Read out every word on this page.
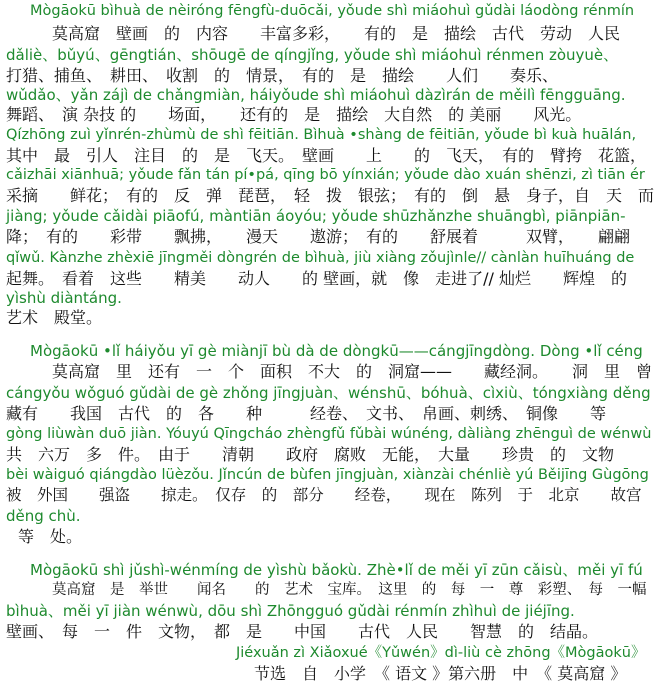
Mògāokū bìhuà de nèiróng fēngfù-duōcǎi, yǒude shì miáohuì gǔdài láodòng rénmín
莫高窟　壁画　的　内容　　丰富多彩，　　有的　是　描绘　古代　劳动　人民
dǎliè、bǔyú、gēngtián、shōugē de qíngjǐng, yǒude shì miáohuì rénmen zòuyuè、
打猎、捕鱼、　耕田、　收割　的　情景，　有的　是　描绘　　人们　　奏乐、
wǔdǎo、yǎn zájì de chǎngmiàn, háiyǒude shì miáohuì dàzìrán de měilì fēngguāng.
舞蹈、　演 杂技 的　　场面，　　还有的　是　描绘　大自然　的 美丽　　风光。
Qízhōng zuì yǐnrén-zhùmù de shì fēitiān. Bìhuà •shàng de fēitiān, yǒude bì kuà huālán,
其中　最　引人　注目　的　是　飞天。　壁画　　上　　的　飞天，　有的　臂挎　花篮，
cǎizhāi xiānhuā; yǒude fǎn tán pí•pá, qīng bō yínxián; yǒude dào xuán shēnzi, zì tiān ér
采摘　　鲜花；　有的　反　弹　琵琶，　轻　拨　银弦；　有的　倒　悬　身子，自　天　而
jiàng; yǒude cǎidài piāofú, màntiān áoyóu; yǒude shūzhǎnzhe shuāngbì, piānpiān-
降；　有的　　彩带　　飘拂，　　漫天　　遨游；　有的　　舒展着　　　双臂，　　翩翩
qǐwǔ. Kànzhe zhèxiē jīngměi dòngrén de bìhuà, jiù xiàng zǒujìnle// cànlàn huīhuáng de
起舞。　看着　这些　　精美　　动人　　的 壁画，就　像　走进了// 灿烂　　辉煌　的
yìshù diàntáng.
艺术　殿堂。
Mògāokū •lǐ háiyǒu yī gè miànjī bù dà de dòngkū——cángjīngdòng. Dòng •lǐ céng
莫高窟　里　还有　一　个　面积　不大　的　洞窟——　　藏经洞。　　洞　里　曾
cángyǒu wǒguó gǔdài de gè zhǒng jīngjuàn、wénshū、bóhuà、cìxiù、tóngxiàng děng
藏有　　我国　古代　的　各　　种　　　经卷、　文书、　帛画、刺绣、　铜像　　等
gòng liùwàn duō jiàn. Yóuyú Qīngcháo zhèngfǔ fǔbài wúnéng, dàliàng zhēnguì de wénwù
共　六万　多　件。　由于　　清朝　　政府　腐败　无能，　大量　　珍贵　的　文物
bèi wàiguó qiángdào lüèzǒu. Jǐncún de bùfen jīngjuàn, xiànzài chénliè yú Běijīng Gùgōng
被　外国　　强盗　　掠走。　仅存　的　部分　　经卷，　　现在　陈列　于　北京　　故宫
děng chù.
等　处。
Mògāokū shì jǔshì-wénmíng de yìshù bǎokù. Zhè•lǐ de měi yī zūn cǎisù、měi yī fú
莫高窟　是　举世　　闻名　　的　艺术　宝库。　这里　的　每　一　尊　彩塑、　每　一幅
bìhuà、měi yī jiàn wénwù, dōu shì Zhōngguó gǔdài rénmín zhìhuì de jiéjīng.
壁画、　每　一　件　文物，　都　是　　中国　　古代　人民　　智慧　的　结晶。
Jiéxuǎn zì Xiǎoxué《Yǔwén》dì-liù cè zhōng《Mògāokū》
节选　自　小学　《 语文 》第六册　中　《 莫高窟 》
